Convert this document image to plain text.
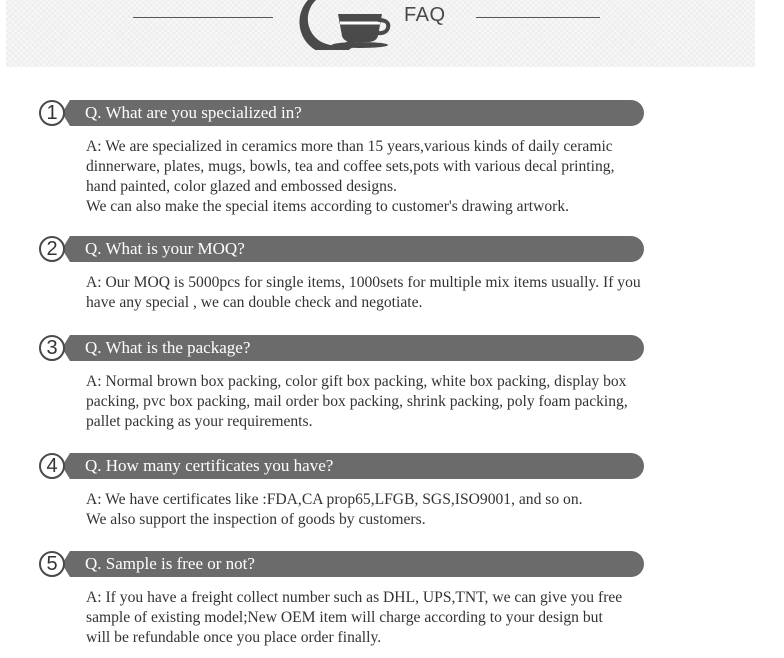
FAQ
1	Q. What are you specialized in?
A: We are specialized in ceramics more than 15 years,various kinds of daily ceramic
dinnerware, plates, mugs, bowls, tea and coffee sets,pots with various decal printing,
hand painted, color glazed and embossed designs.
We can also make the special items according to customer's drawing artwork.
2	Q. What is your MOQ?
A: Our MOQ is 5000pcs for single items, 1000sets for multiple mix items usually. If you
have any special , we can double check and negotiate.
3	Q. What is the package?
A: Normal brown box packing, color gift box packing, white box packing, display box
packing, pvc box packing, mail order box packing, shrink packing, poly foam packing,
pallet packing as your requirements.
4	Q. How many certificates you have?
A: We have certificates like :FDA,CA prop65,LFGB, SGS,ISO9001, and so on.
We also support the inspection of goods by customers.
5	Q. Sample is free or not?
A: If you have a freight collect number such as DHL, UPS,TNT, we can give you free
sample of existing model;New OEM item will charge according to your design but
will be refundable once you place order finally.
